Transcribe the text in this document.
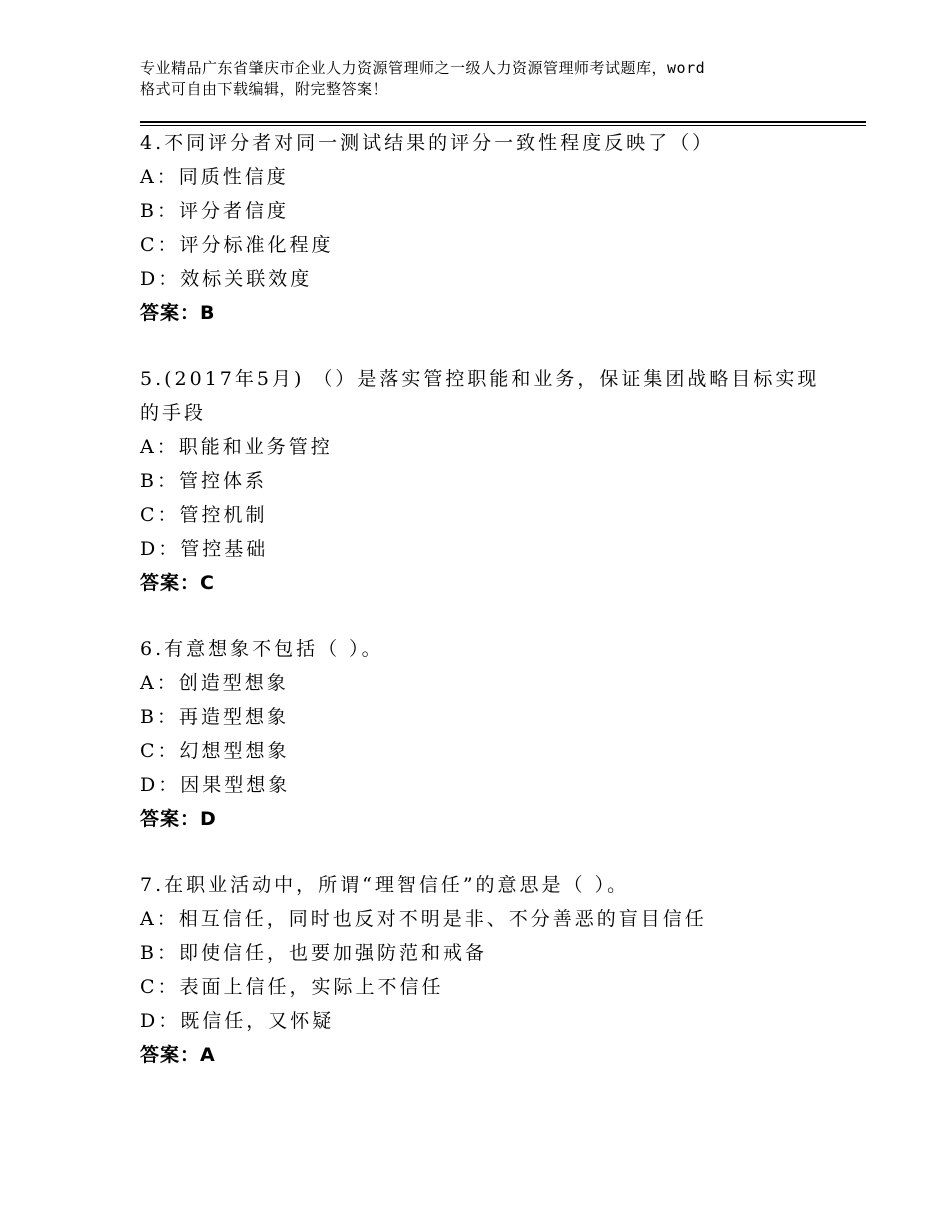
专业精品广东省肇庆市企业人力资源管理师之一级人力资源管理师考试题库，word
格式可自由下载编辑，附完整答案！
4.不同评分者对同一测试结果的评分一致性程度反映了（）
A：同质性信度
B：评分者信度
C：评分标准化程度
D：效标关联效度
答案：B
5.(2017年5月) （）是落实管控职能和业务，保证集团战略目标实现
的手段
A：职能和业务管控
B：管控体系
C：管控机制
D：管控基础
答案：C
6.有意想象不包括（ ）。
A：创造型想象
B：再造型想象
C：幻想型想象
D：因果型想象
答案：D
7.在职业活动中，所谓“理智信任”的意思是（ ）。
A：相互信任，同时也反对不明是非、不分善恶的盲目信任
B：即使信任，也要加强防范和戒备
C：表面上信任，实际上不信任
D：既信任，又怀疑
答案：A
